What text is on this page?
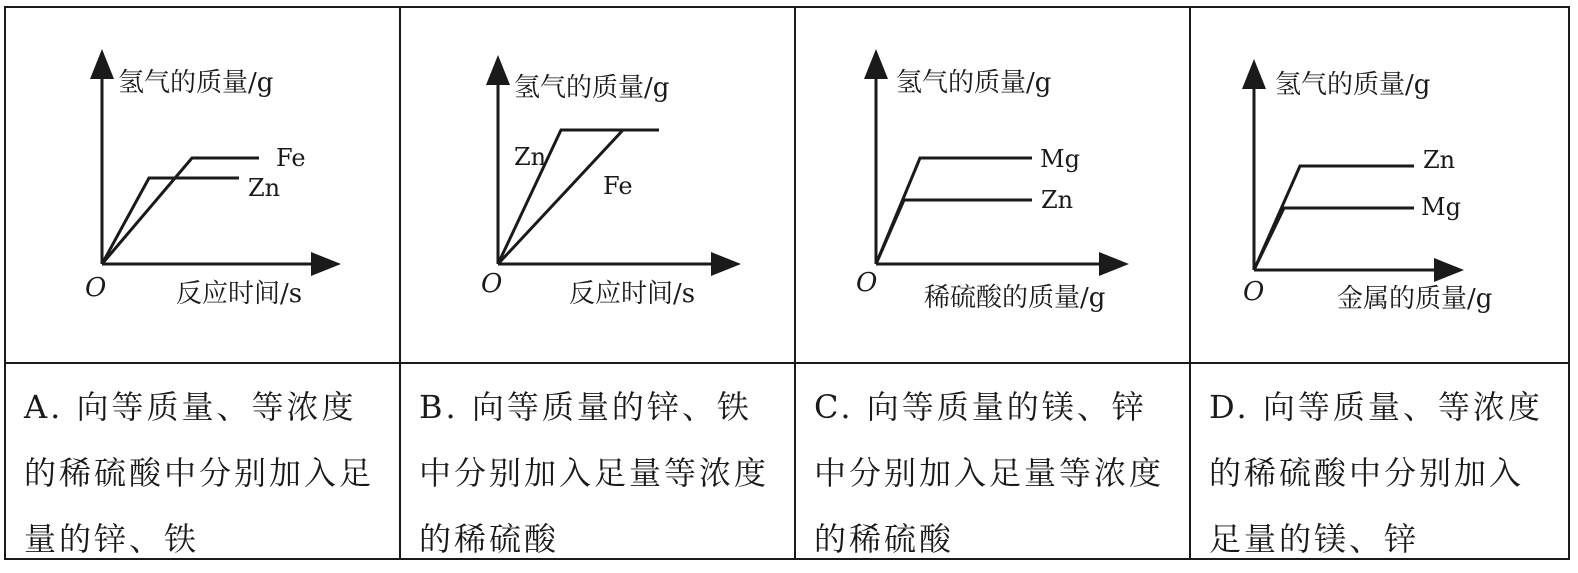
Fe
Zn
氢气的质量/g
反应时间/s
O
Zn
Fe
氢气的质量/g
反应时间/s
O
Mg
Zn
氢气的质量/g
稀硫酸的质量/g
O
Zn
Mg
氢气的质量/g
金属的质量/g
O
A. 向等质量、等浓度的稀硫酸中分别加入足量的锌、铁
B. 向等质量的锌、铁中分别加入足量等浓度的稀硫酸
C. 向等质量的镁、锌中分别加入足量等浓度的稀硫酸
D. 向等质量、等浓度的稀硫酸中分别加入足量的镁、锌
